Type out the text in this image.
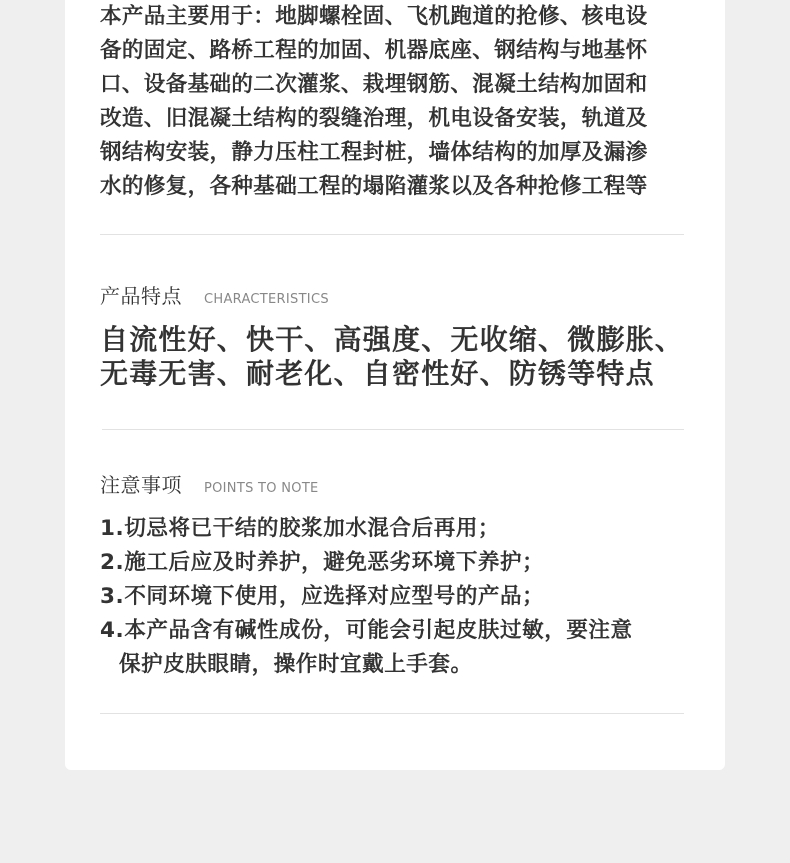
本产品主要用于：地脚螺栓固、飞机跑道的抢修、核电设
备的固定、路桥工程的加固、机器底座、钢结构与地基怀
口、设备基础的二次灌浆、栽埋钢筋、混凝土结构加固和
改造、旧混凝土结构的裂缝治理，机电设备安装，轨道及
钢结构安装，静力压柱工程封桩，墙体结构的加厚及漏渗
水的修复，各种基础工程的塌陷灌浆以及各种抢修工程等

产品特点 CHARACTERISTICS

自流性好、快干、高强度、无收缩、微膨胀、
无毒无害、耐老化、自密性好、防锈等特点

注意事项 POINTS TO NOTE
1.切忌将已干结的胶浆加水混合后再用；
2.施工后应及时养护，避免恶劣环境下养护；
3.不同环境下使用，应选择对应型号的产品；
4.本产品含有碱性成份，可能会引起皮肤过敏，要注意
保护皮肤眼睛，操作时宜戴上手套。
